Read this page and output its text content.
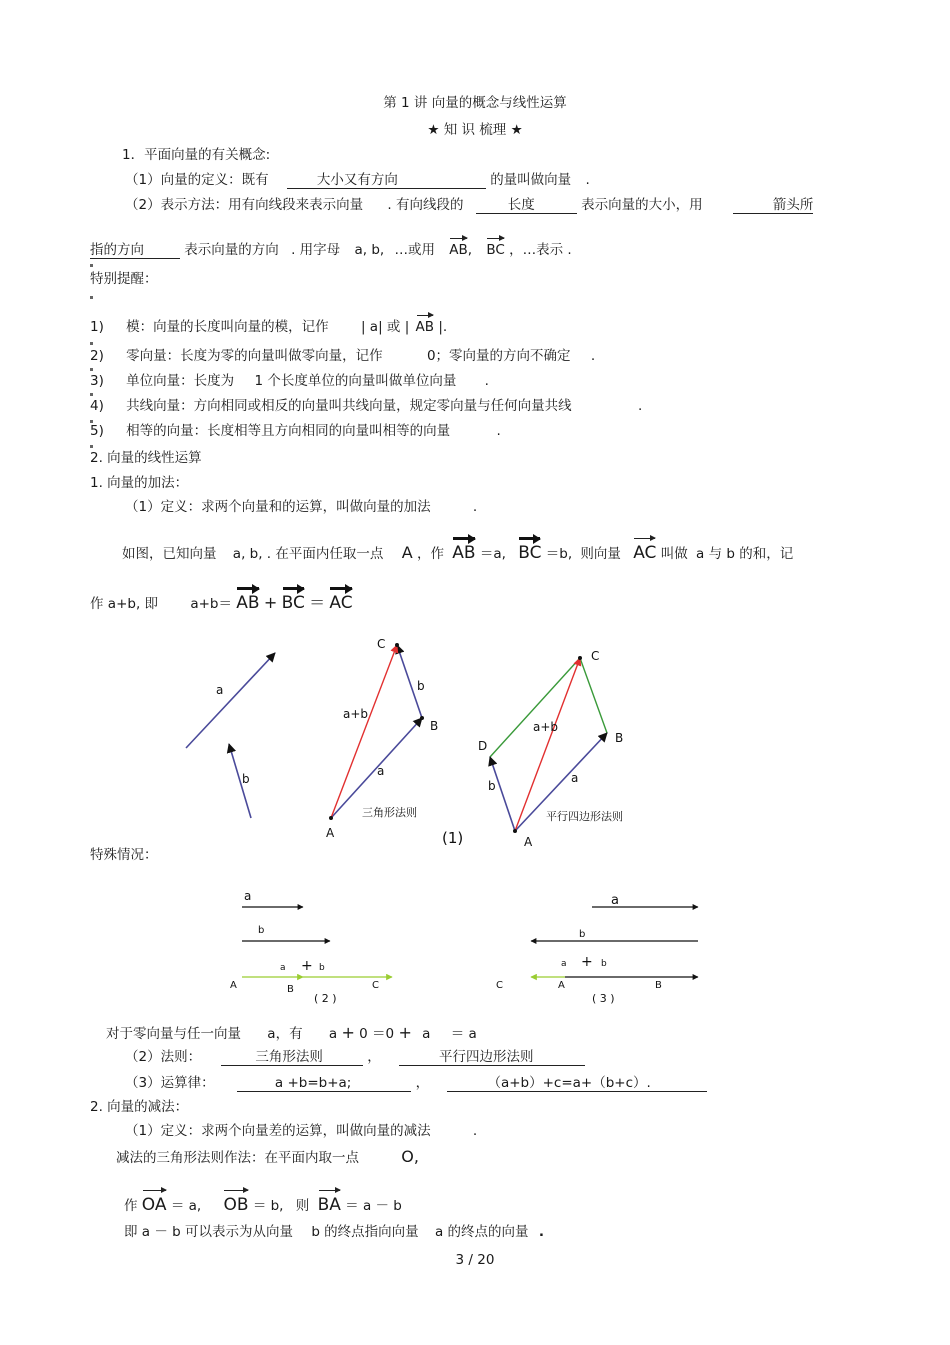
第 1 讲 向量的概念与线性运算
★ 知 识 梳理 ★
1．平面向量的有关概念:
（1）向量的定义：既有	大小又有方向	的量叫做向量 .
（2）表示方法：用有向线段来表示向量 . 有向线段的	长度	表示向量的大小，用	箭头所
指的方向	表示向量的方向 . 用字母 a, b, …或用 AB, BC ，…表示 .
特别提醒：
1) 模：向量的长度叫向量的模，记作 | a| 或 | AB |.
2) 零向量：长度为零的向量叫做零向量，记作	0；零向量的方向不确定 .
3) 单位向量：长度为 1 个长度单位的向量叫做单位向量 .
4) 共线向量：方向相同或相反的向量叫共线向量，规定零向量与任何向量共线	.
5) 相等的向量：长度相等且方向相同的向量叫相等的向量	.
2. 向量的线性运算
1. 向量的加法：
（1）定义：求两个向量和的运算，叫做向量的加法	.
如图，已知向量 a, b, . 在平面内任取一点 A ，作 AB ＝a, BC ＝b, 则向量 AC 叫做 a 与 b 的和，记
作 a+b, 即 a+b＝ AB + BC ＝ AC
a
b
C
b
B
a+b
a
三角形法则
A	(1)
C
a+b
B
D
a
b
平行四边形法则
A
a
b
a + b
A	B	C
( 2 )
a
b
a + b
C	A	B
( 3 )
特殊情况：
对于零向量与任一向量 a，有 a + 0 ＝0 + a ＝ a
（2）法则：	三角形法则	，	平行四边形法则
（3）运算律：	a +b=b+a;	，	（a+b）+c=a+（b+c）.
2. 向量的减法：
（1）定义：求两个向量差的运算，叫做向量的减法	.
减法的三角形法则作法：在平面内取一点	O,
作 OA ＝ a, OB ＝ b, 则 BA ＝ a － b
即 a － b 可以表示为从向量 b 的终点指向向量 a 的终点的向量 .
3 / 20
